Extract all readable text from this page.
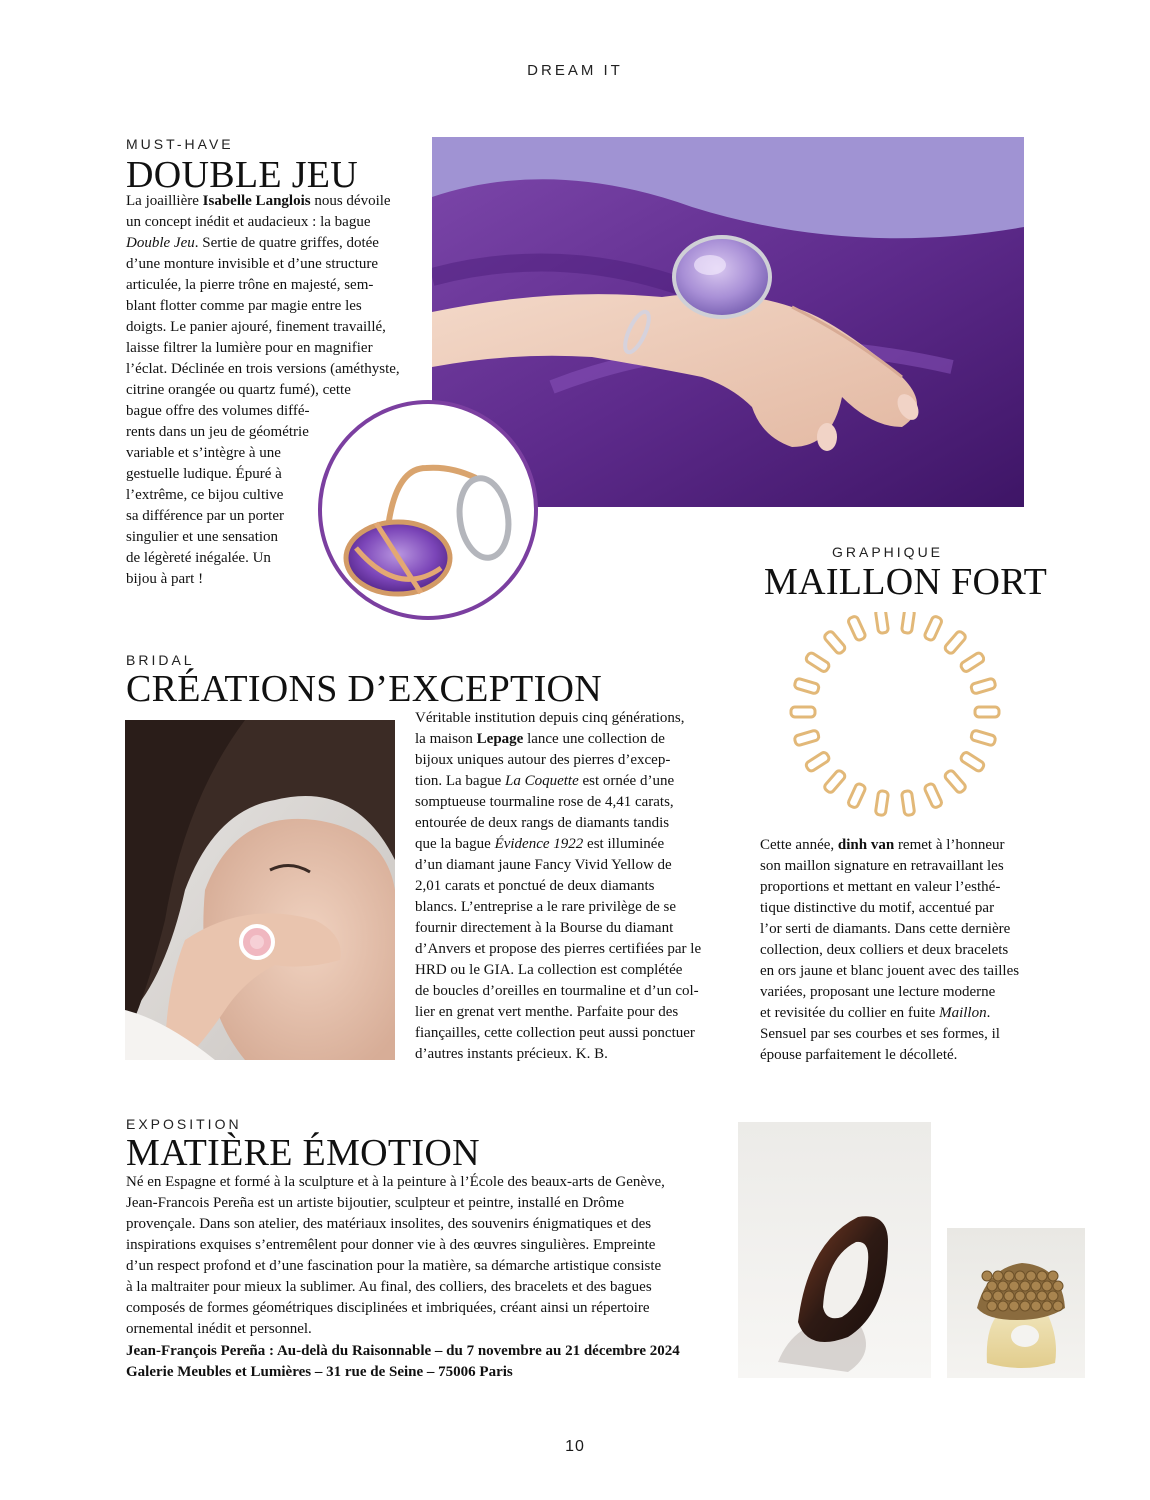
DREAM IT
MUST-HAVE
DOUBLE JEU
La joaillière Isabelle Langlois nous dévoile
un concept inédit et audacieux : la bague
Double Jeu. Sertie de quatre griffes, dotée
d’une monture invisible et d’une structure
articulée, la pierre trône en majesté, sem-
blant flotter comme par magie entre les
doigts. Le panier ajouré, finement travaillé,
laisse filtrer la lumière pour en magnifier
l’éclat. Déclinée en trois versions (améthyste,
citrine orangée ou quartz fumé), cette
bague offre des volumes diffé-
rents dans un jeu de géométrie
variable et s’intègre à une
gestuelle ludique. Épuré à
l’extrême, ce bijou cultive
sa différence par un porter
singulier et une sensation
de légèreté inégalée. Un
bijou à part !
GRAPHIQUE
MAILLON FORT
Cette année, dinh van remet à l’honneur
son maillon signature en retravaillant les
proportions et mettant en valeur l’esthé-
tique distinctive du motif, accentué par
l’or serti de diamants. Dans cette dernière
collection, deux colliers et deux bracelets
en ors jaune et blanc jouent avec des tailles
variées, proposant une lecture moderne
et revisitée du collier en fuite Maillon.
Sensuel par ses courbes et ses formes, il
épouse parfaitement le décolleté.
BRIDAL
CRÉATIONS D’EXCEPTION
Véritable institution depuis cinq générations,
la maison Lepage lance une collection de
bijoux uniques autour des pierres d’excep-
tion. La bague La Coquette est ornée d’une
somptueuse tourmaline rose de 4,41 carats,
entourée de deux rangs de diamants tandis
que la bague Évidence 1922 est illuminée
d’un diamant jaune Fancy Vivid Yellow de
2,01 carats et ponctué de deux diamants
blancs. L’entreprise a le rare privilège de se
fournir directement à la Bourse du diamant
d’Anvers et propose des pierres certifiées par le
HRD ou le GIA. La collection est complétée
de boucles d’oreilles en tourmaline et d’un col-
lier en grenat vert menthe. Parfaite pour des
fiançailles, cette collection peut aussi ponctuer
d’autres instants précieux. K. B.
EXPOSITION
MATIÈRE ÉMOTION
Né en Espagne et formé à la sculpture et à la peinture à l’École des beaux-arts de Genève,
Jean-Francois Pereña est un artiste bijoutier, sculpteur et peintre, installé en Drôme
provençale. Dans son atelier, des matériaux insolites, des souvenirs énigmatiques et des
inspirations exquises s’entremêlent pour donner vie à des œuvres singulières. Empreinte
d’un respect profond et d’une fascination pour la matière, sa démarche artistique consiste
à la maltraiter pour mieux la sublimer. Au final, des colliers, des bracelets et des bagues
composés de formes géométriques disciplinées et imbriquées, créant ainsi un répertoire
ornemental inédit et personnel.
Jean-François Pereña : Au-delà du Raisonnable – du 7 novembre au 21 décembre 2024
Galerie Meubles et Lumières – 31 rue de Seine – 75006 Paris
10
